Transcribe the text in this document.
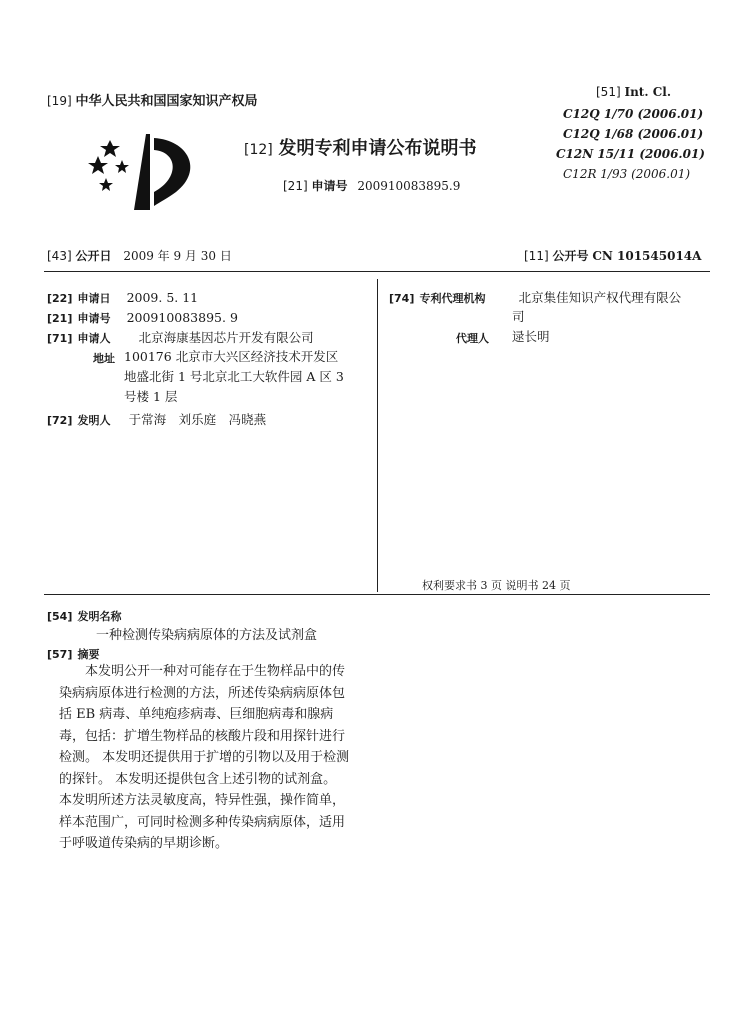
[19] 中华人民共和国国家知识产权局
[12] 发明专利申请公布说明书
[21] 申请号 200910083895.9
[51] Int. Cl.
C12Q 1/70 (2006.01)
C12Q 1/68 (2006.01)
C12N 15/11 (2006.01)
C12R 1/93 (2006.01)
[43] 公开日 2009 年 9 月 30 日	[11] 公开号 CN 101545014A
[22] 申请日 2009. 5. 11
[21] 申请号 200910083895. 9
[71] 申请人 北京海康基因芯片开发有限公司
地址 100176 北京市大兴区经济技术开发区
地盛北街 1 号北京北工大软件园 A 区 3
号楼 1 层
[72] 发明人 于常海　刘乐庭　冯晓燕
[74] 专利代理机构	北京集佳知识产权代理有限公
司
代理人 逯长明
权利要求书 3 页 说明书 24 页
[54] 发明名称
一种检测传染病病原体的方法及试剂盒
[57] 摘要

本发明公开一种对可能存在于生物样品中的传

染病病原体进行检测的方法，所述传染病病原体包

括 EB 病毒、单纯疱疹病毒、巨细胞病毒和腺病

毒，包括：扩增生物样品的核酸片段和用探针进行

检测。 本发明还提供用于扩增的引物以及用于检测

的探针。 本发明还提供包含上述引物的试剂盒。

本发明所述方法灵敏度高，特异性强，操作简单，

样本范围广，可同时检测多种传染病病原体，适用

于呼吸道传染病的早期诊断。
